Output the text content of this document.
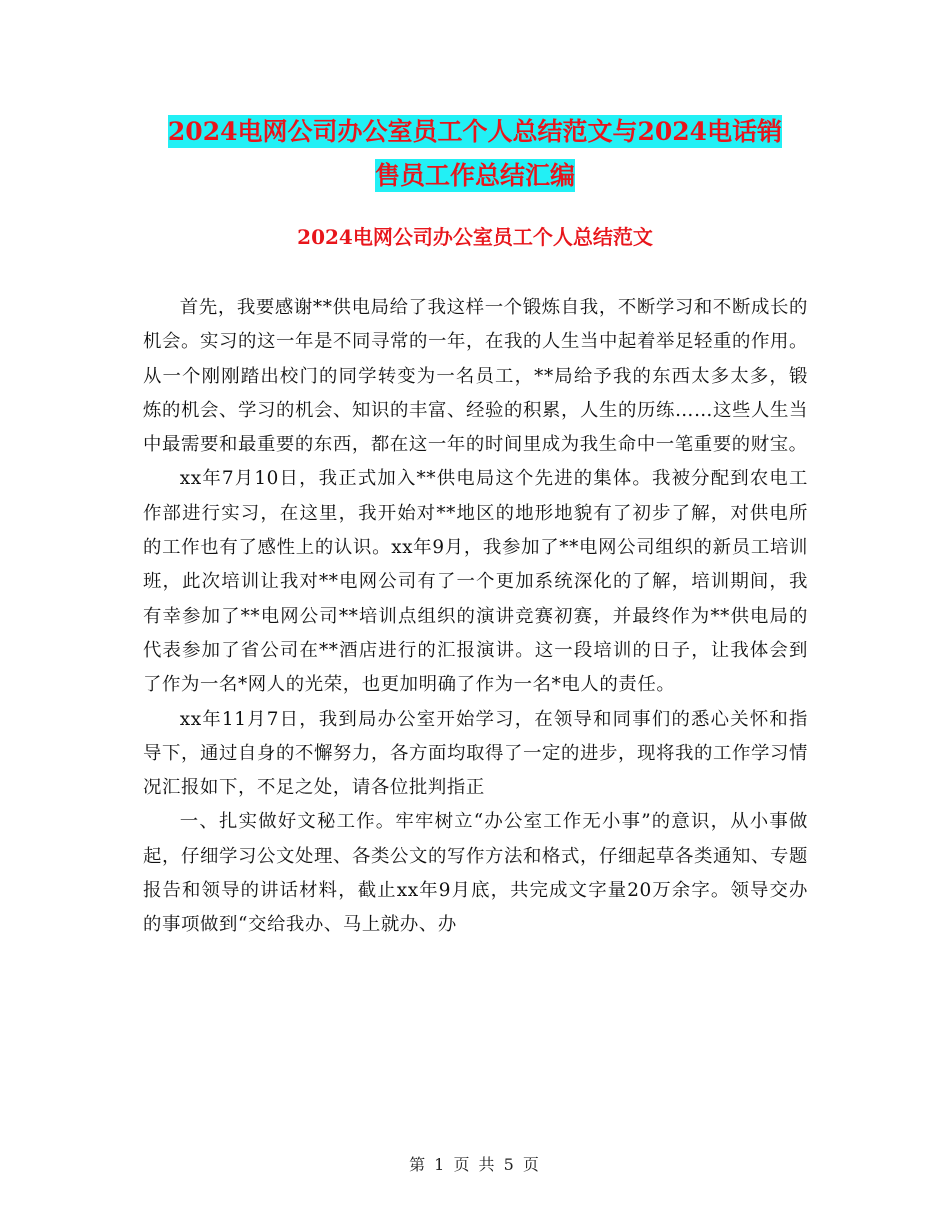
2024电网公司办公室员工个人总结范文与2024电话销
售员工作总结汇编
2024电网公司办公室员工个人总结范文

首先，我要感谢**供电局给了我这样一个锻炼自我，不断学习和不断成长的机会。实习的这一年是不同寻常的一年，在我的人生当中起着举足轻重的作用。从一个刚刚踏出校门的同学转变为一名员工，**局给予我的东西太多太多，锻炼的机会、学习的机会、知识的丰富、经验的积累，人生的历练……这些人生当中最需要和最重要的东西，都在这一年的时间里成为我生命中一笔重要的财宝。

xx年7月10日，我正式加入**供电局这个先进的集体。我被分配到农电工作部进行实习，在这里，我开始对**地区的地形地貌有了初步了解，对供电所的工作也有了感性上的认识。xx年9月，我参加了**电网公司组织的新员工培训班，此次培训让我对**电网公司有了一个更加系统深化的了解，培训期间，我有幸参加了**电网公司**培训点组织的演讲竞赛初赛，并最终作为**供电局的代表参加了省公司在**酒店进行的汇报演讲。这一段培训的日子，让我体会到了作为一名*网人的光荣，也更加明确了作为一名*电人的责任。

xx年11月7日，我到局办公室开始学习，在领导和同事们的悉心关怀和指导下，通过自身的不懈努力，各方面均取得了一定的进步，现将我的工作学习情况汇报如下，不足之处，请各位批判指正

一、扎实做好文秘工作。牢牢树立“办公室工作无小事”的意识，从小事做起，仔细学习公文处理、各类公文的写作方法和格式，仔细起草各类通知、专题报告和领导的讲话材料，截止xx年9月底，共完成文字量20万余字。领导交办的事项做到“交给我办、马上就办、办

第 1 页 共 5 页
